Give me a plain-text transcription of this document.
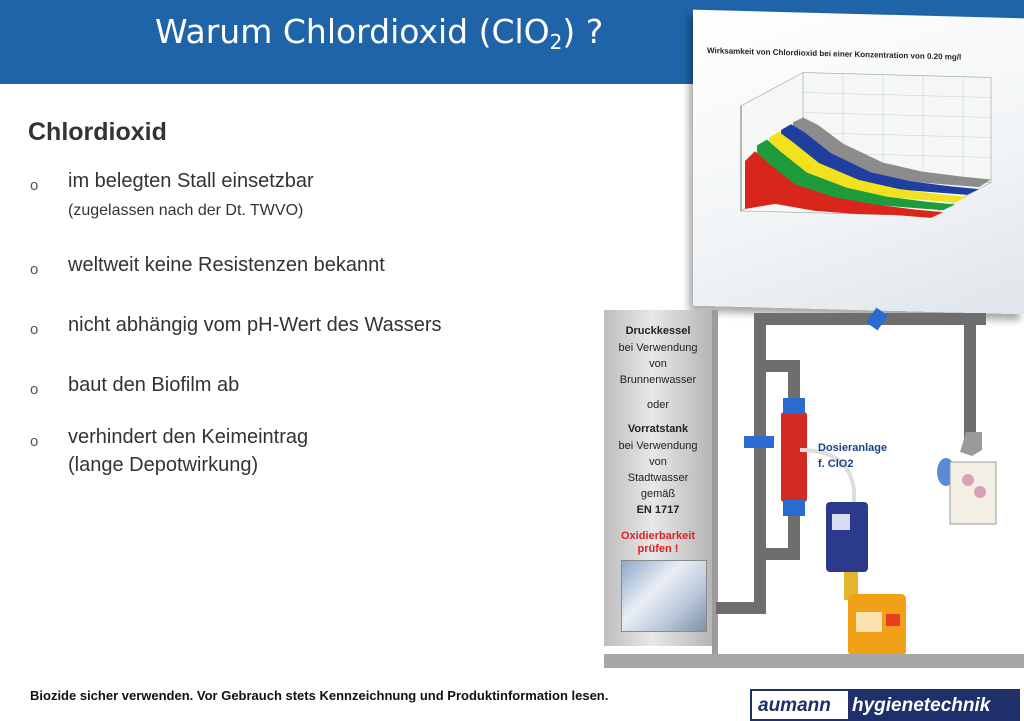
Warum Chlordioxid (ClO$_2$) ?
Chlordioxid
o im belegten Stall einsetzbar
(zugelassen nach der Dt. TWVO)
o weltweit keine Resistenzen bekannt
o nicht abhängig vom pH-Wert des Wassers
o baut den Biofilm ab
o verhindert den Keimeintrag
(lange Depotwirkung)
Wirksamkeit von Chlordioxid bei einer Konzentration von 0.20 mg/l
Druckkessel
bei Verwendung
von
Brunnenwasser
oder
Vorratstank
bei Verwendung
von
Stadtwasser
gemäß
EN 1717
Oxidierbarkeit
prüfen !
Dosieranlage
f. ClO2
Biozide sicher verwenden. Vor Gebrauch stets Kennzeichnung und Produktinformation lesen.	aumann hygienetechnik
